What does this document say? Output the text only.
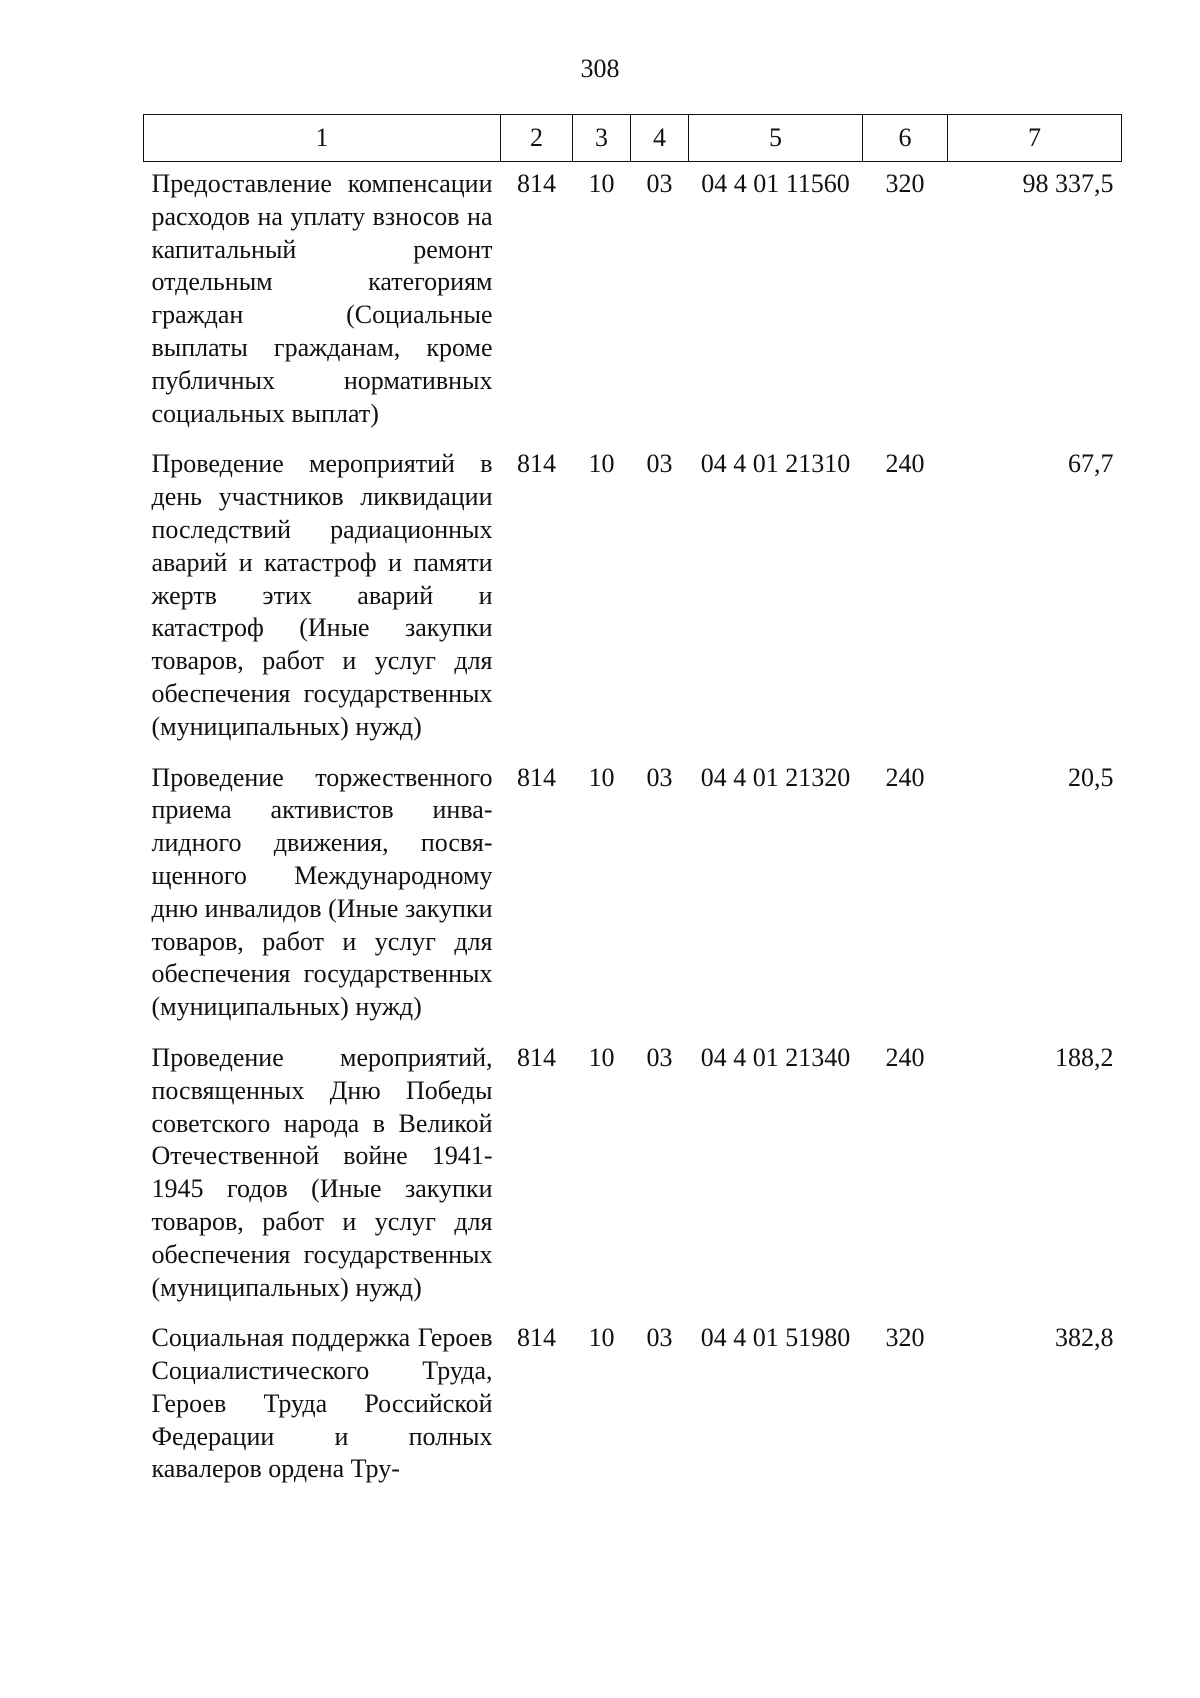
308
1	2	3	4	5	6	7
Предоставление компенсации расходов на уплату взносов на капитальный ремонт отдельным категориям граждан (Социальные выплаты гражданам, кроме публичных нормативных социальных выплат)	814	10	03	04 4 01 11560	320	98 337,5
Проведение мероприятий в день участников ликвидации последствий радиационных аварий и катастроф и памяти жертв этих аварий и катастроф (Иные закупки товаров, работ и услуг для обеспечения государственных (муниципальных) нужд)	814	10	03	04 4 01 21310	240	67,7
Проведение торжественного приема активистов инвалидного движения, посвященного Международному дню инвалидов (Иные закупки товаров, работ и услуг для обеспечения государственных (муниципальных) нужд)	814	10	03	04 4 01 21320	240	20,5
Проведение мероприятий, посвященных Дню Победы советского народа в Великой Отечественной войне 1941-1945 годов (Иные закупки товаров, работ и услуг для обеспечения государственных (муниципальных) нужд)	814	10	03	04 4 01 21340	240	188,2
Социальная поддержка Героев Социалистического Труда, Героев Труда Российской Федерации и полных кавалеров ордена Тру-	814	10	03	04 4 01 51980	320	382,8
